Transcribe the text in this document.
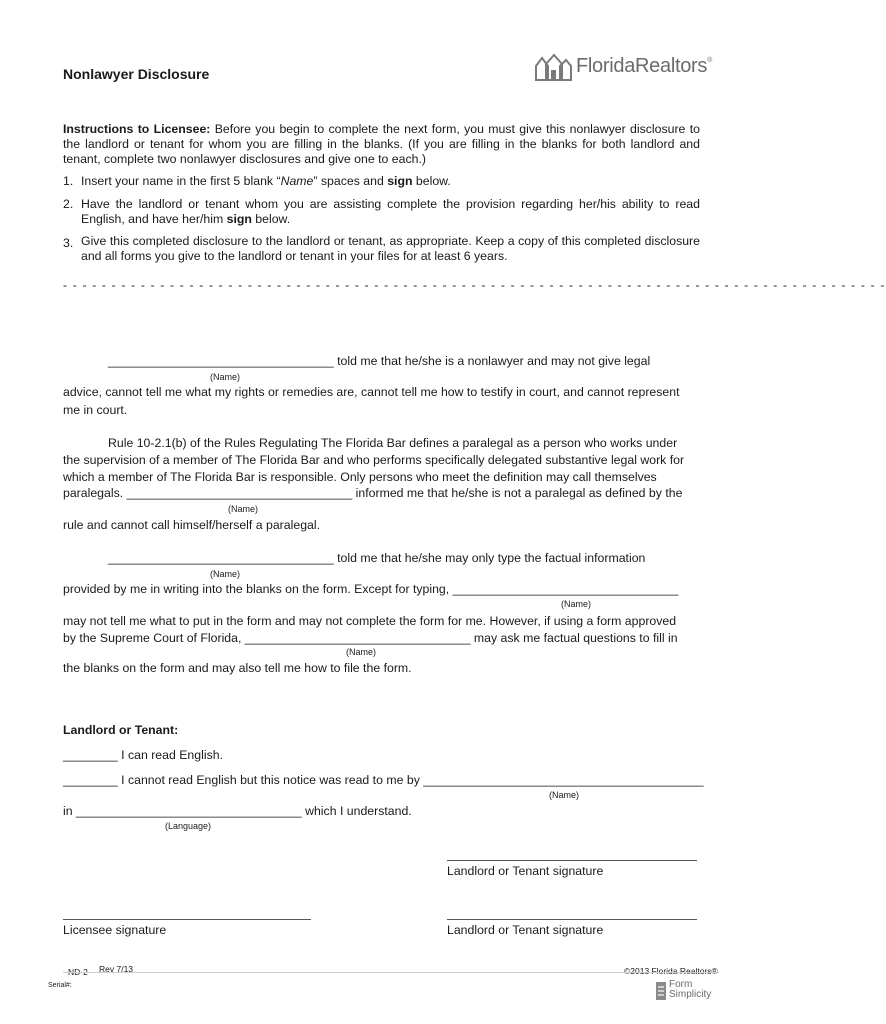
Nonlawyer Disclosure	FloridaRealtors®
Instructions to Licensee: Before you begin to complete the next form, you must give this nonlawyer disclosure to the landlord or tenant for whom you are filling in the blanks. (If you are filling in the blanks for both landlord and tenant, complete two nonlawyer disclosures and give one to each.)
1. Insert your name in the first 5 blank “Name” spaces and sign below.
2. Have the landlord or tenant whom you are assisting complete the provision regarding her/his ability to read English, and have her/him sign below.
3. Give this completed disclosure to the landlord or tenant, as appropriate. Keep a copy of this completed disclosure and all forms you give to the landlord or tenant in your files for at least 6 years.
- - - - - - - - - - - - - - - - - - - - - - - - - - - - - - - - - - - - - - - - - - - - - - - - - - - - - - - - - - - - - - - - - - - - - - - - - - - - - - - - - - - - -
_________________________________ told me that he/she is a nonlawyer and may not give legal
(Name)
advice, cannot tell me what my rights or remedies are, cannot tell me how to testify in court, and cannot represent
me in court.
Rule 10-2.1(b) of the Rules Regulating The Florida Bar defines a paralegal as a person who works under
the supervision of a member of The Florida Bar and who performs specifically delegated substantive legal work for
which a member of The Florida Bar is responsible. Only persons who meet the definition may call themselves
paralegals. _________________________________ informed me that he/she is not a paralegal as defined by the
(Name)
rule and cannot call himself/herself a paralegal.
_________________________________ told me that he/she may only type the factual information
(Name)
provided by me in writing into the blanks on the form. Except for typing, _________________________________
(Name)
may not tell me what to put in the form and may not complete the form for me. However, if using a form approved
by the Supreme Court of Florida, _________________________________ may ask me factual questions to fill in
(Name)
the blanks on the form and may also tell me how to file the form.
Landlord or Tenant:
________ I can read English.
________ I cannot read English but this notice was read to me by _________________________________________
(Name)
in _________________________________ which I understand.
(Language)
Landlord or Tenant signature
Licensee signature	Landlord or Tenant signature
ND-2 Rev 7/13	©2013 Florida Realtors®
Serial#:	Form
Simplicity
